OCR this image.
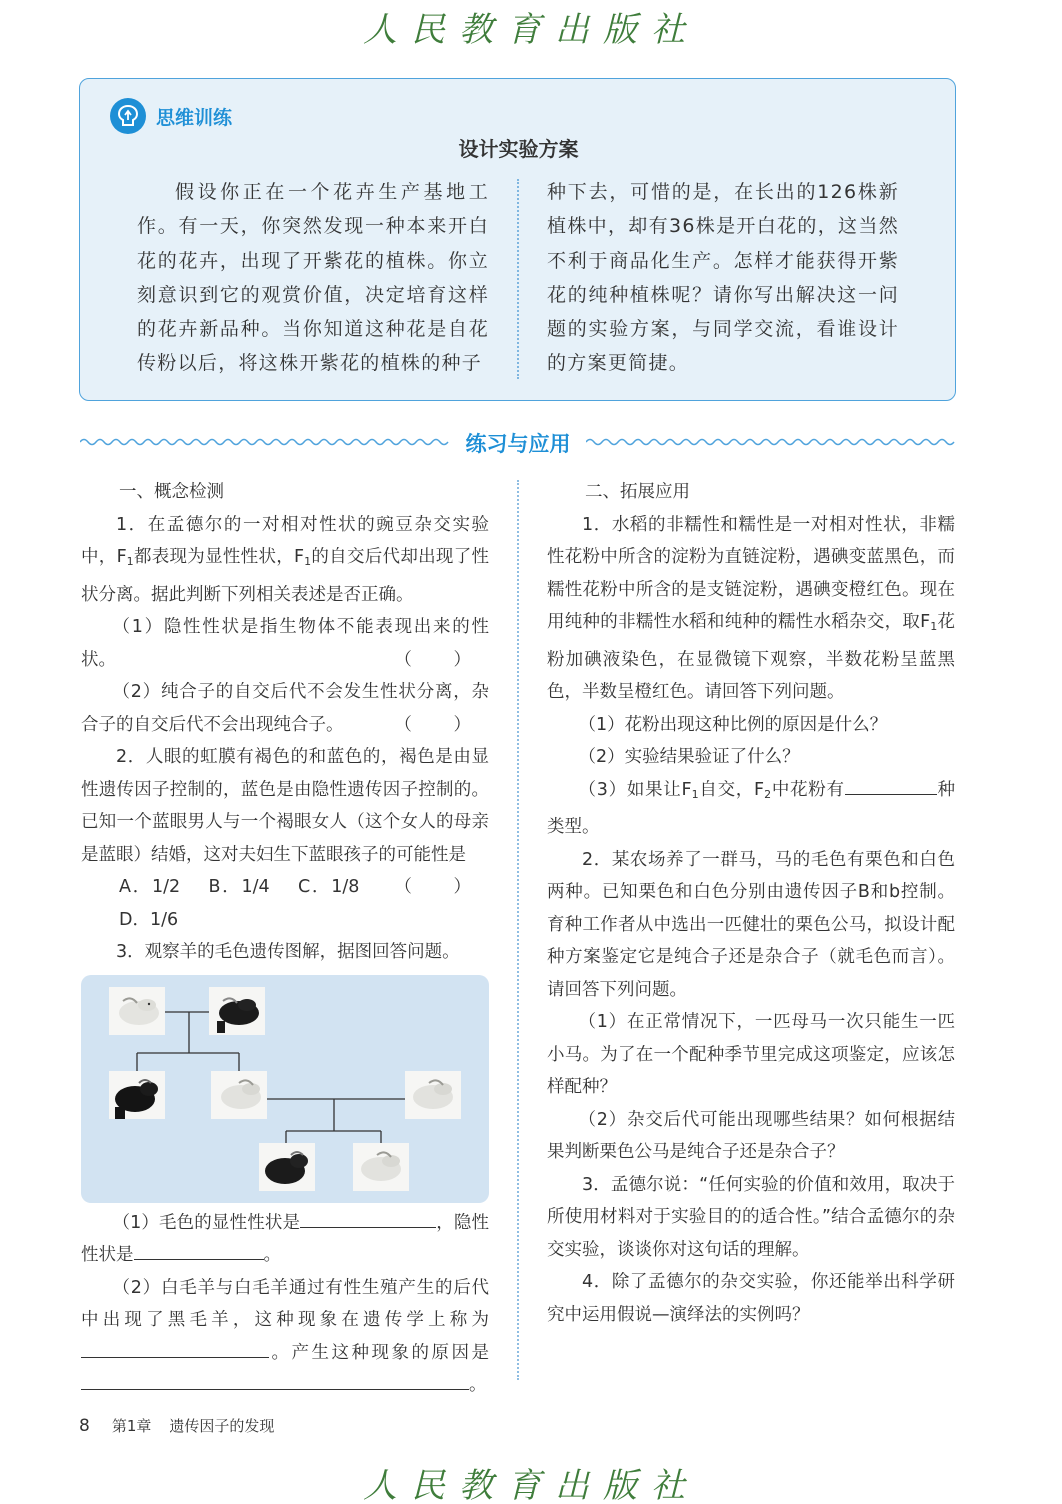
人民教育出版社
思维训练
设计实验方案
假设你正在一个花卉生产基地工作。有一天，你突然发现一种本来开白花的花卉，出现了开紫花的植株。你立刻意识到它的观赏价值，决定培育这样的花卉新品种。当你知道这种花是自花传粉以后，将这株开紫花的植株的种子
种下去，可惜的是，在长出的126株新植株中，却有36株是开白花的，这当然不利于商品化生产。怎样才能获得开紫花的纯种植株呢？请你写出解决这一问题的实验方案，与同学交流，看谁设计的方案更简捷。
练习与应用

一、概念检测

1．在孟德尔的一对相对性状的豌豆杂交实验中，$F_1$都表现为显性性状，$F_1$的自交后代却出现了性状分离。据此判断下列相关表述是否正确。

（1）隐性性状是指生物体不能表现出来的性状。	（ ）

（2）纯合子的自交后代不会发生性状分离，杂合子的自交后代不会出现纯合子。	（ ）

2．人眼的虹膜有褐色的和蓝色的，褐色是由显性遗传因子控制的，蓝色是由隐性遗传因子控制的。已知一个蓝眼男人与一个褐眼女人（这个女人的母亲是蓝眼）结婚，这对夫妇生下蓝眼孩子的可能性是
（ ）

A．1/2　 B．1/4　 C．1/8　 D．1/6

3．观察羊的毛色遗传图解，据图回答问题。

（1）毛色的显性性状是	，隐性性状是	。

（2）白毛羊与白毛羊通过有性生殖产生的后代中出现了黑毛羊，这种现象在遗传学上称为。产生这种现象的原因是。

二、拓展应用

1．水稻的非糯性和糯性是一对相对性状，非糯性花粉中所含的淀粉为直链淀粉，遇碘变蓝黑色，而糯性花粉中所含的是支链淀粉，遇碘变橙红色。现在用纯种的非糯性水稻和纯种的糯性水稻杂交，取$F_1$花粉加碘液染色，在显微镜下观察，半数花粉呈蓝黑色，半数呈橙红色。请回答下列问题。

（1）花粉出现这种比例的原因是什么？

（2）实验结果验证了什么？

（3）如果让$F_1$自交，$F_2$中花粉有	种类型。

2．某农场养了一群马，马的毛色有栗色和白色两种。已知栗色和白色分别由遗传因子B和b控制。育种工作者从中选出一匹健壮的栗色公马，拟设计配种方案鉴定它是纯合子还是杂合子（就毛色而言）。请回答下列问题。

（1）在正常情况下，一匹母马一次只能生一匹小马。为了在一个配种季节里完成这项鉴定，应该怎样配种？

（2）杂交后代可能出现哪些结果？如何根据结果判断栗色公马是纯合子还是杂合子？

3．孟德尔说：“任何实验的价值和效用，取决于所使用材料对于实验目的的适合性。”结合孟德尔的杂交实验，谈谈你对这句话的理解。

4．除了孟德尔的杂交实验，你还能举出科学研究中运用假说—演绎法的实例吗？

8 第1章 遗传因子的发现
人民教育出版社
